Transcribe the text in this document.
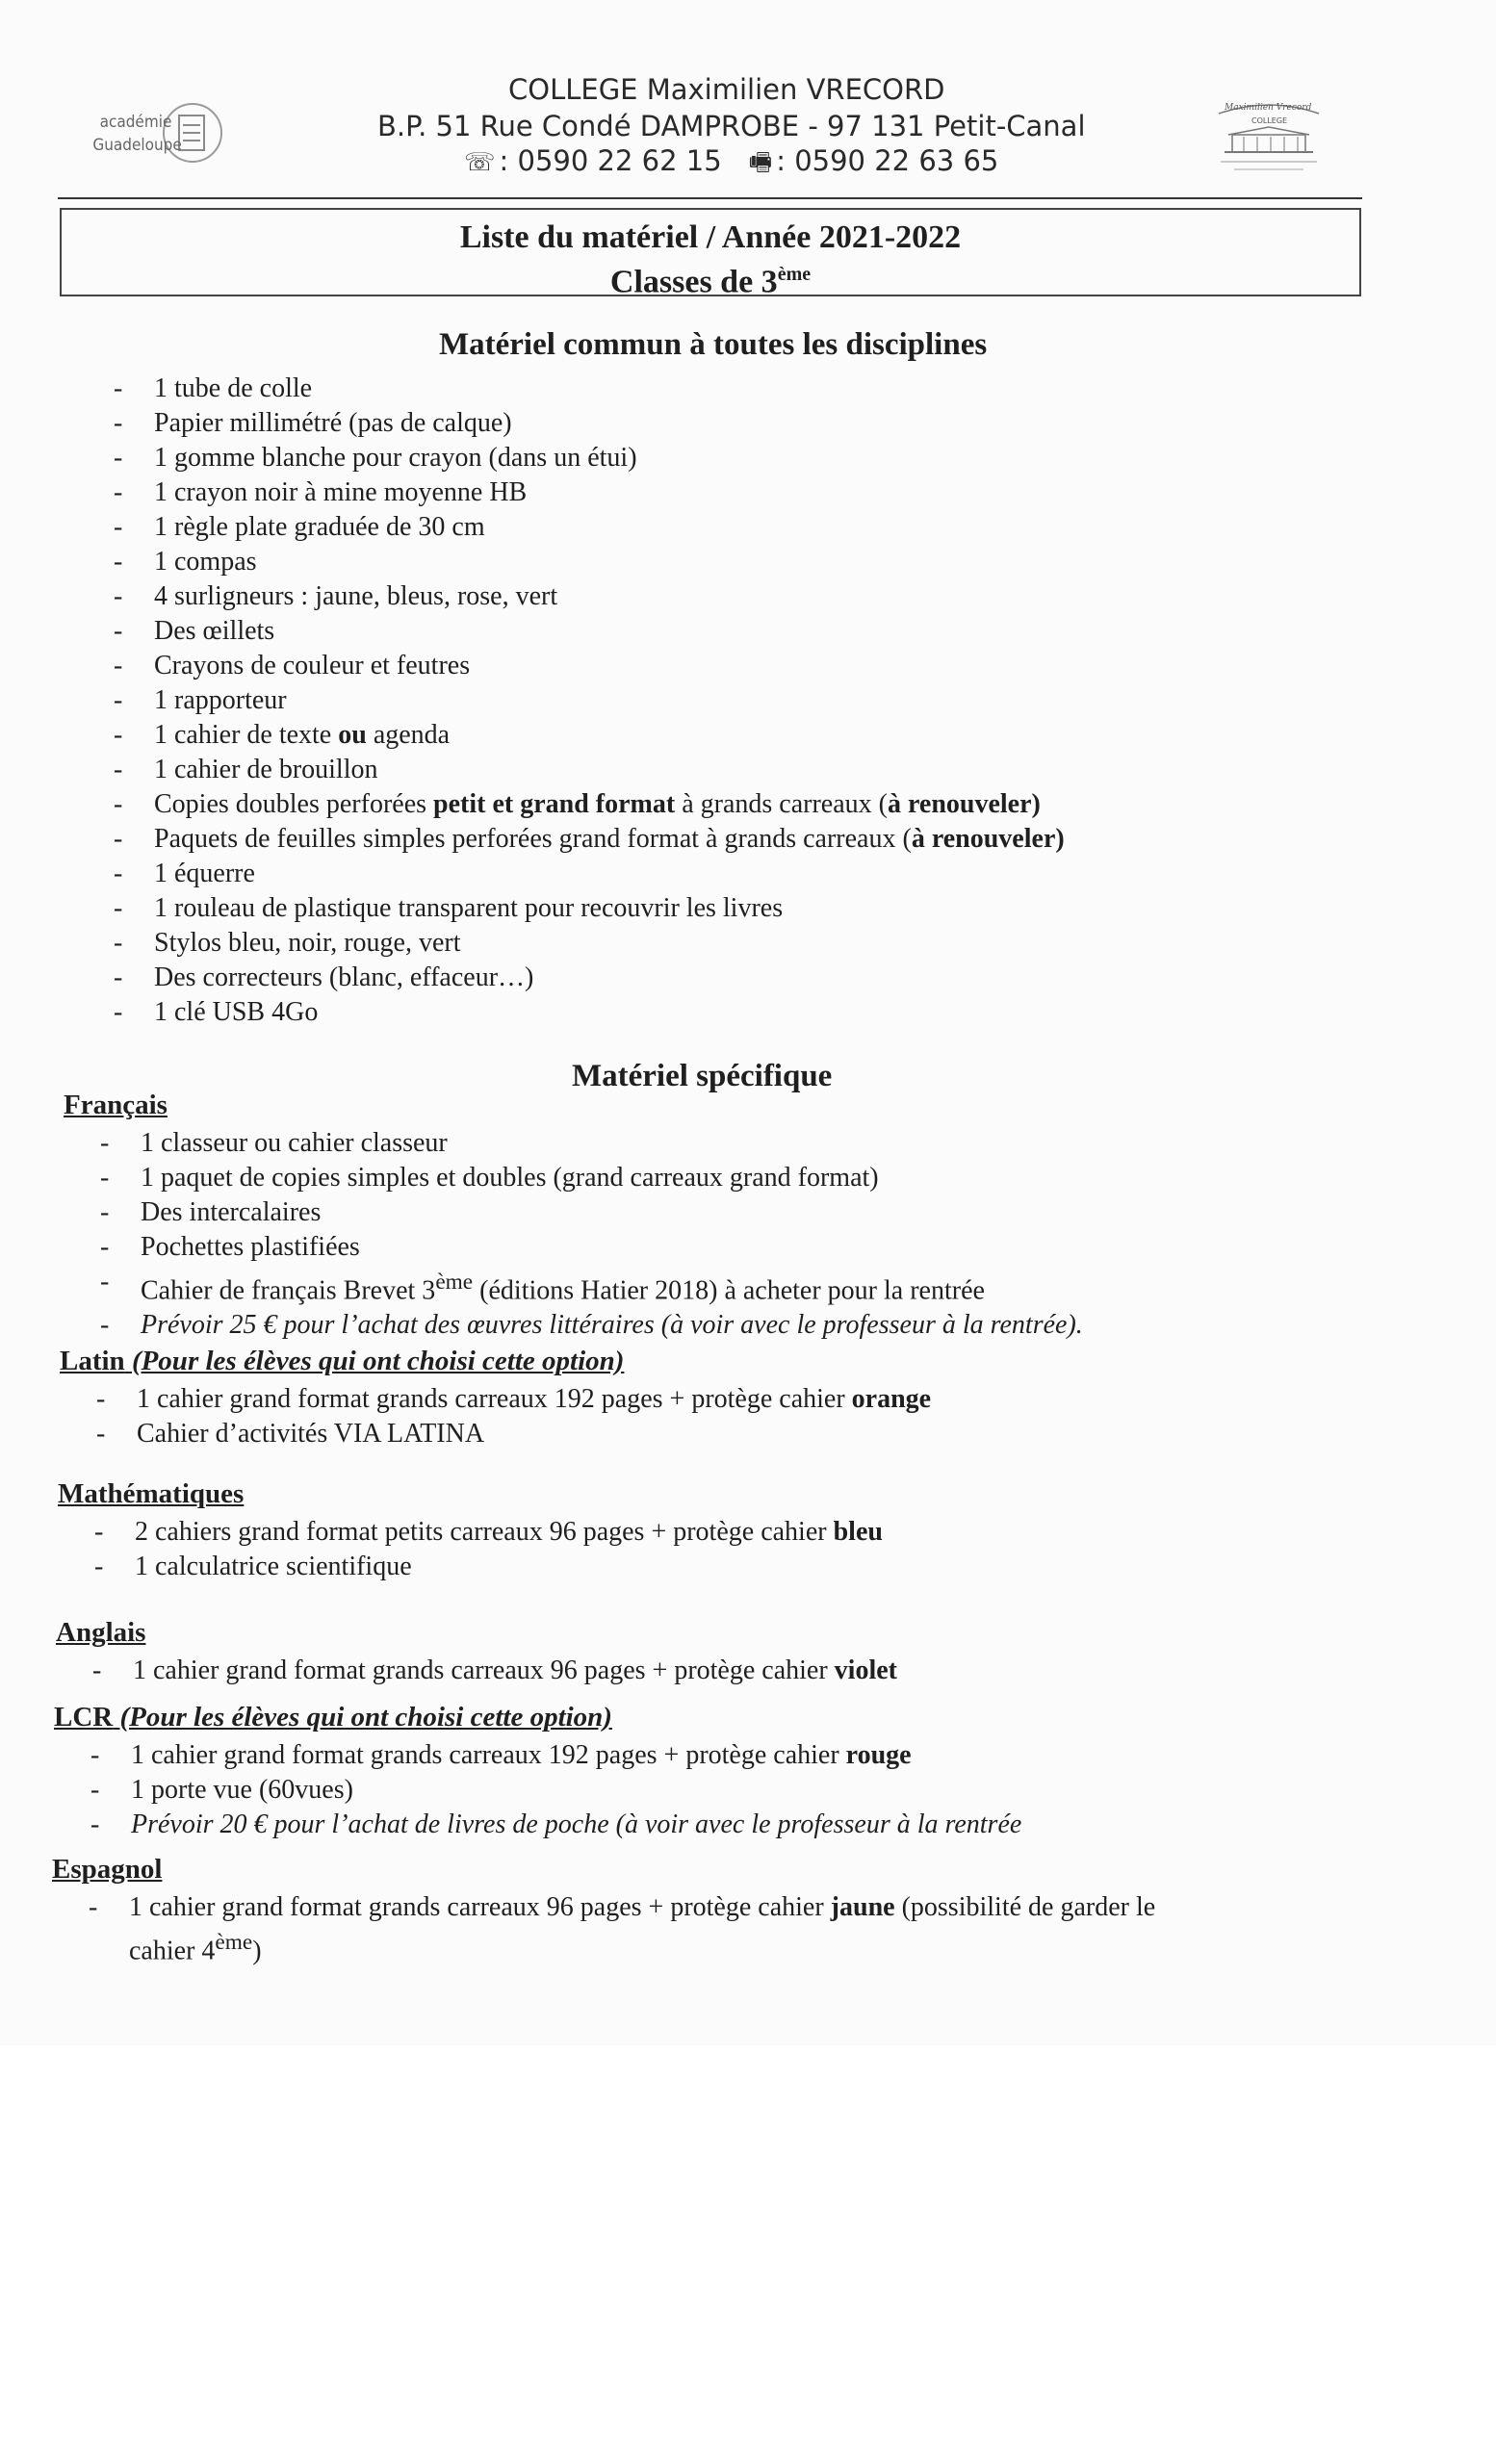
académie
Guadeloupe
COLLEGE Maximilien VRECORD
B.P. 51 Rue Condé DAMPROBE - 97 131 Petit-Canal
☏ : 0590 22 62 15 🖷 : 0590 22 63 65
Maximilien Vrecord
COLLEGE
Liste du matériel / Année 2021-2022
Classes de 3ème
Matériel commun à toutes les disciplines
- 1 tube de colle
- Papier millimétré (pas de calque)
- 1 gomme blanche pour crayon (dans un étui)
- 1 crayon noir à mine moyenne HB
- 1 règle plate graduée de 30 cm
- 1 compas
- 4 surligneurs : jaune, bleus, rose, vert
- Des œillets
- Crayons de couleur et feutres
- 1 rapporteur
- 1 cahier de texte ou agenda
- 1 cahier de brouillon
- Copies doubles perforées petit et grand format à grands carreaux (à renouveler)
- Paquets de feuilles simples perforées grand format à grands carreaux (à renouveler)
- 1 équerre
- 1 rouleau de plastique transparent pour recouvrir les livres
- Stylos bleu, noir, rouge, vert
- Des correcteurs (blanc, effaceur…)
- 1 clé USB 4Go
Matériel spécifique
Français
- 1 classeur ou cahier classeur
- 1 paquet de copies simples et doubles (grand carreaux grand format)
- Des intercalaires
- Pochettes plastifiées
- Cahier de français Brevet 3ème (éditions Hatier 2018) à acheter pour la rentrée
- Prévoir 25 € pour l’achat des œuvres littéraires (à voir avec le professeur à la rentrée).
Latin (Pour les élèves qui ont choisi cette option)
- 1 cahier grand format grands carreaux 192 pages + protège cahier orange
- Cahier d’activités VIA LATINA
Mathématiques
- 2 cahiers grand format petits carreaux 96 pages + protège cahier bleu
- 1 calculatrice scientifique
Anglais
- 1 cahier grand format grands carreaux 96 pages + protège cahier violet
LCR (Pour les élèves qui ont choisi cette option)
- 1 cahier grand format grands carreaux 192 pages + protège cahier rouge
- 1 porte vue (60vues)
- Prévoir 20 € pour l’achat de livres de poche (à voir avec le professeur à la rentrée
Espagnol
- 1 cahier grand format grands carreaux 96 pages + protège cahier jaune (possibilité de garder le
cahier 4ème)
